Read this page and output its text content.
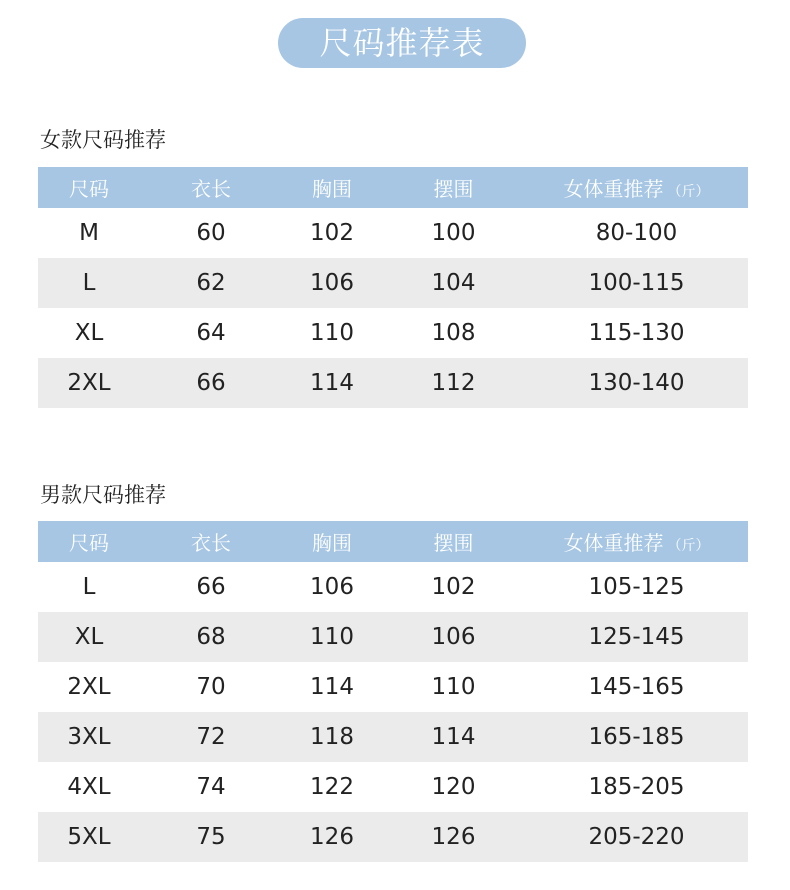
尺码推荐表
女款尺码推荐
尺码	衣长	胸围	摆围	女体重推荐 （斤）
M	60	102	100	80-100
L	62	106	104	100-115
XL	64	110	108	115-130
2XL	66	114	112	130-140
男款尺码推荐
尺码	衣长	胸围	摆围	女体重推荐 （斤）
L	66	106	102	105-125
XL	68	110	106	125-145
2XL	70	114	110	145-165
3XL	72	118	114	165-185
4XL	74	122	120	185-205
5XL	75	126	126	205-220
